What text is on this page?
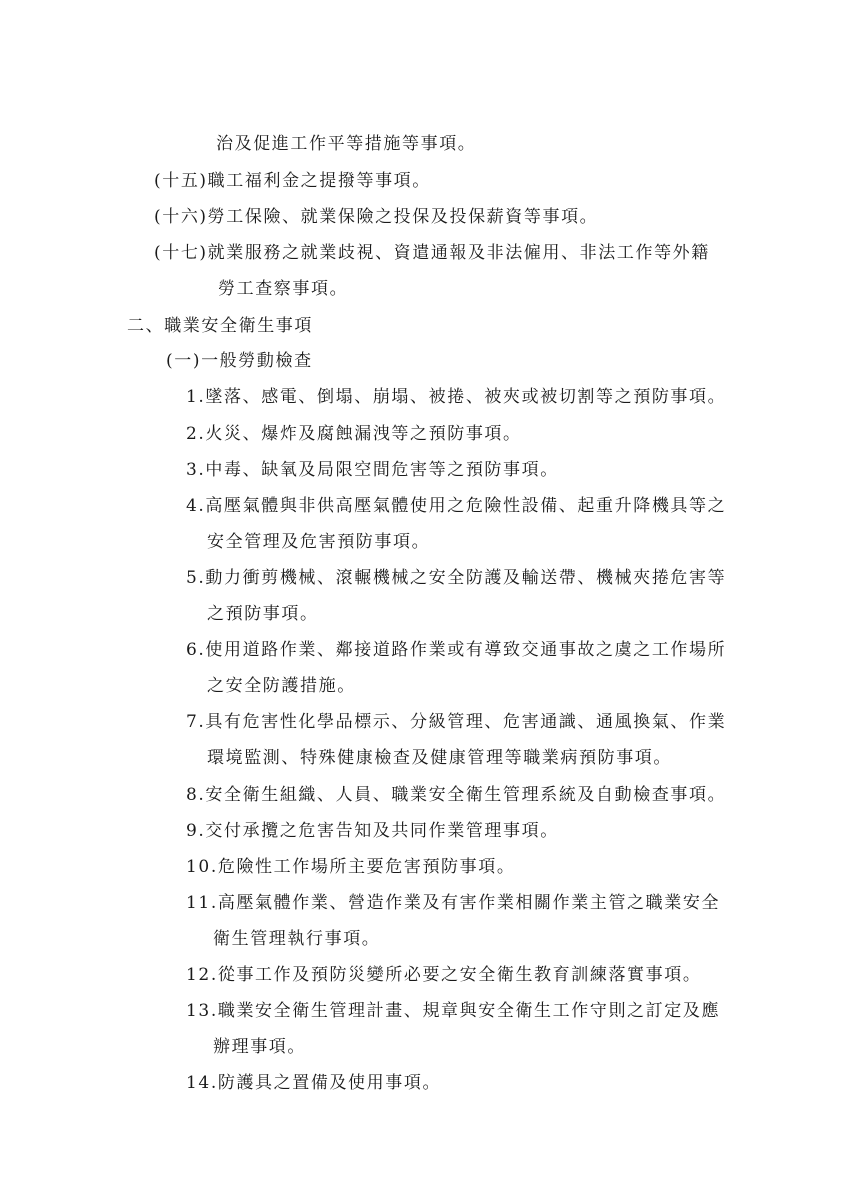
治及促進工作平等措施等事項。
(十五)職工福利金之提撥等事項。
(十六)勞工保險、就業保險之投保及投保薪資等事項。
(十七)就業服務之就業歧視、資遣通報及非法僱用、非法工作等外籍
勞工查察事項。
二、職業安全衛生事項
(一)一般勞動檢查
1.墜落、感電、倒塌、崩塌、被捲、被夾或被切割等之預防事項。
2.火災、爆炸及腐蝕漏洩等之預防事項。
3.中毒、缺氧及局限空間危害等之預防事項。
4.高壓氣體與非供高壓氣體使用之危險性設備、起重升降機具等之
安全管理及危害預防事項。
5.動力衝剪機械、滾輾機械之安全防護及輸送帶、機械夾捲危害等
之預防事項。
6.使用道路作業、鄰接道路作業或有導致交通事故之虞之工作場所
之安全防護措施。
7.具有危害性化學品標示、分級管理、危害通識、通風換氣、作業
環境監測、特殊健康檢查及健康管理等職業病預防事項。
8.安全衛生組織、人員、職業安全衛生管理系統及自動檢查事項。
9.交付承攬之危害告知及共同作業管理事項。
10.危險性工作場所主要危害預防事項。
11.高壓氣體作業、營造作業及有害作業相關作業主管之職業安全
衛生管理執行事項。
12.從事工作及預防災變所必要之安全衛生教育訓練落實事項。
13.職業安全衛生管理計畫、規章與安全衛生工作守則之訂定及應
辦理事項。
14.防護具之置備及使用事項。
